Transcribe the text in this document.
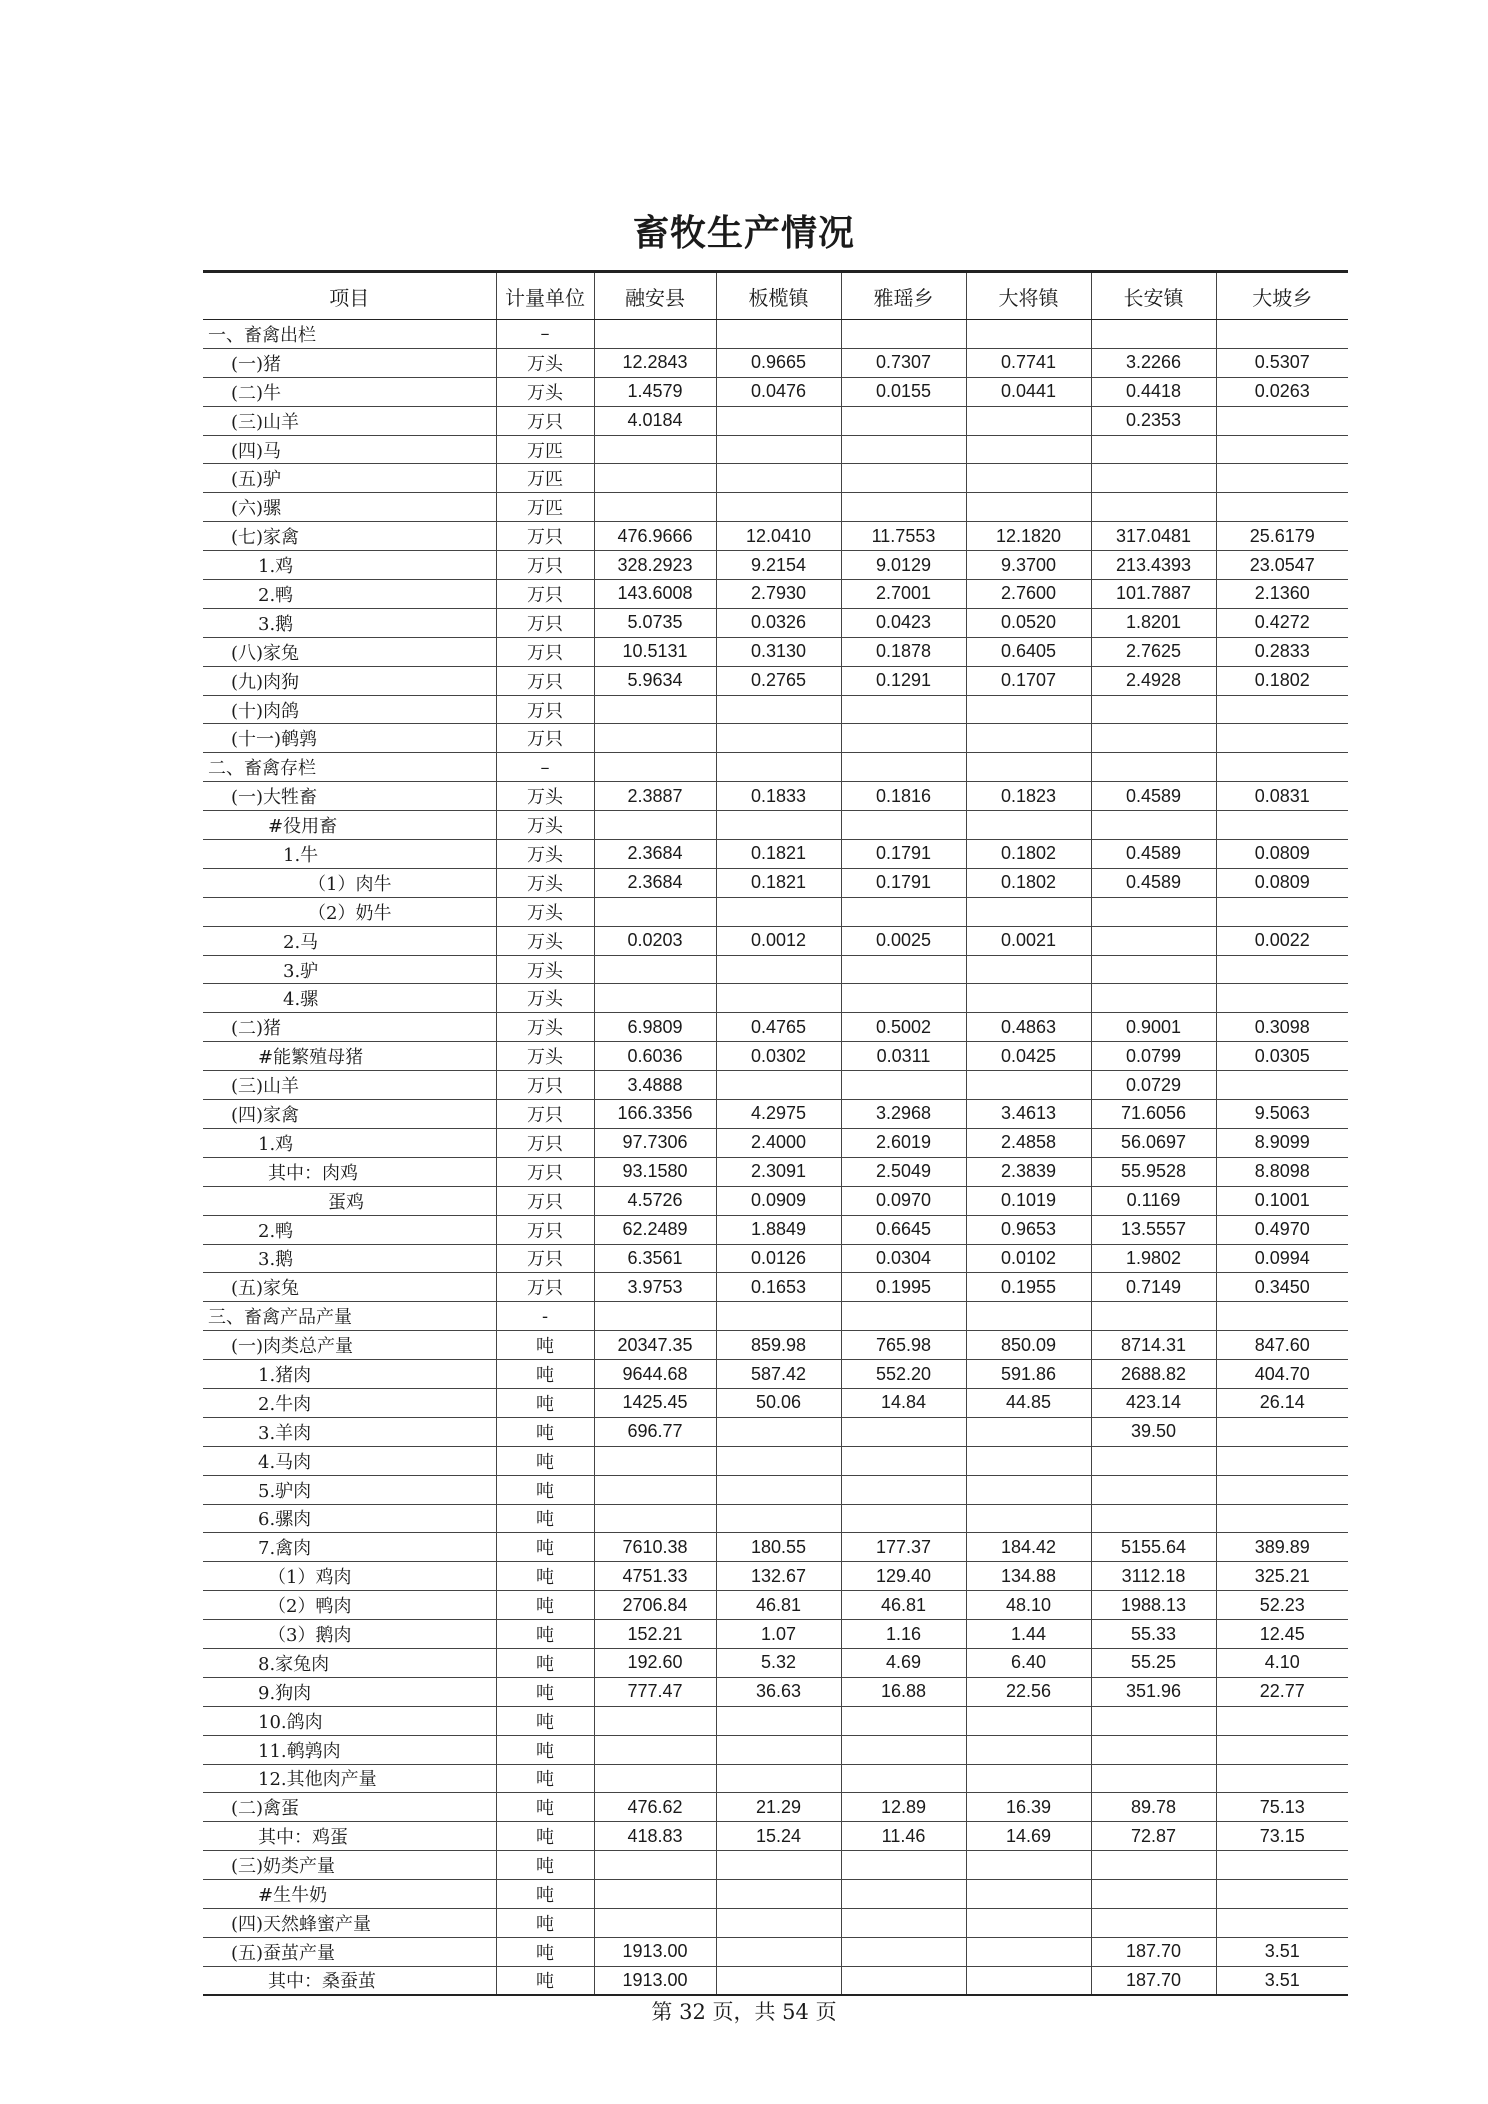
畜牧生产情况
项目	计量单位	融安县	板榄镇	雅瑶乡	大将镇	长安镇	大坡乡
一、畜禽出栏	–						
(一)猪	万头	12.2843	0.9665	0.7307	0.7741	3.2266	0.5307
(二)牛	万头	1.4579	0.0476	0.0155	0.0441	0.4418	0.0263
(三)山羊	万只	4.0184				0.2353	
(四)马	万匹						
(五)驴	万匹						
(六)骡	万匹						
(七)家禽	万只	476.9666	12.0410	11.7553	12.1820	317.0481	25.6179
1.鸡	万只	328.2923	9.2154	9.0129	9.3700	213.4393	23.0547
2.鸭	万只	143.6008	2.7930	2.7001	2.7600	101.7887	2.1360
3.鹅	万只	5.0735	0.0326	0.0423	0.0520	1.8201	0.4272
(八)家兔	万只	10.5131	0.3130	0.1878	0.6405	2.7625	0.2833
(九)肉狗	万只	5.9634	0.2765	0.1291	0.1707	2.4928	0.1802
(十)肉鸽	万只						
(十一)鹌鹑	万只						
二、畜禽存栏	–						
(一)大牲畜	万头	2.3887	0.1833	0.1816	0.1823	0.4589	0.0831
#役用畜	万头						
1.牛	万头	2.3684	0.1821	0.1791	0.1802	0.4589	0.0809
（1）肉牛	万头	2.3684	0.1821	0.1791	0.1802	0.4589	0.0809
（2）奶牛	万头						
2.马	万头	0.0203	0.0012	0.0025	0.0021		0.0022
3.驴	万头						
4.骡	万头						
(二)猪	万头	6.9809	0.4765	0.5002	0.4863	0.9001	0.3098
#能繁殖母猪	万头	0.6036	0.0302	0.0311	0.0425	0.0799	0.0305
(三)山羊	万只	3.4888				0.0729	
(四)家禽	万只	166.3356	4.2975	3.2968	3.4613	71.6056	9.5063
1.鸡	万只	97.7306	2.4000	2.6019	2.4858	56.0697	8.9099
其中：肉鸡	万只	93.1580	2.3091	2.5049	2.3839	55.9528	8.8098
蛋鸡	万只	4.5726	0.0909	0.0970	0.1019	0.1169	0.1001
2.鸭	万只	62.2489	1.8849	0.6645	0.9653	13.5557	0.4970
3.鹅	万只	6.3561	0.0126	0.0304	0.0102	1.9802	0.0994
(五)家兔	万只	3.9753	0.1653	0.1995	0.1955	0.7149	0.3450
三、畜禽产品产量	-						
(一)肉类总产量	吨	20347.35	859.98	765.98	850.09	8714.31	847.60
1.猪肉	吨	9644.68	587.42	552.20	591.86	2688.82	404.70
2.牛肉	吨	1425.45	50.06	14.84	44.85	423.14	26.14
3.羊肉	吨	696.77				39.50	
4.马肉	吨						
5.驴肉	吨						
6.骡肉	吨						
7.禽肉	吨	7610.38	180.55	177.37	184.42	5155.64	389.89
（1）鸡肉	吨	4751.33	132.67	129.40	134.88	3112.18	325.21
（2）鸭肉	吨	2706.84	46.81	46.81	48.10	1988.13	52.23
（3）鹅肉	吨	152.21	1.07	1.16	1.44	55.33	12.45
8.家兔肉	吨	192.60	5.32	4.69	6.40	55.25	4.10
9.狗肉	吨	777.47	36.63	16.88	22.56	351.96	22.77
10.鸽肉	吨						
11.鹌鹑肉	吨						
12.其他肉产量	吨						
(二)禽蛋	吨	476.62	21.29	12.89	16.39	89.78	75.13
其中：鸡蛋	吨	418.83	15.24	11.46	14.69	72.87	73.15
(三)奶类产量	吨						
#生牛奶	吨						
(四)天然蜂蜜产量	吨						
(五)蚕茧产量	吨	1913.00				187.70	3.51
其中：桑蚕茧	吨	1913.00				187.70	3.51
第 32 页，共 54 页
